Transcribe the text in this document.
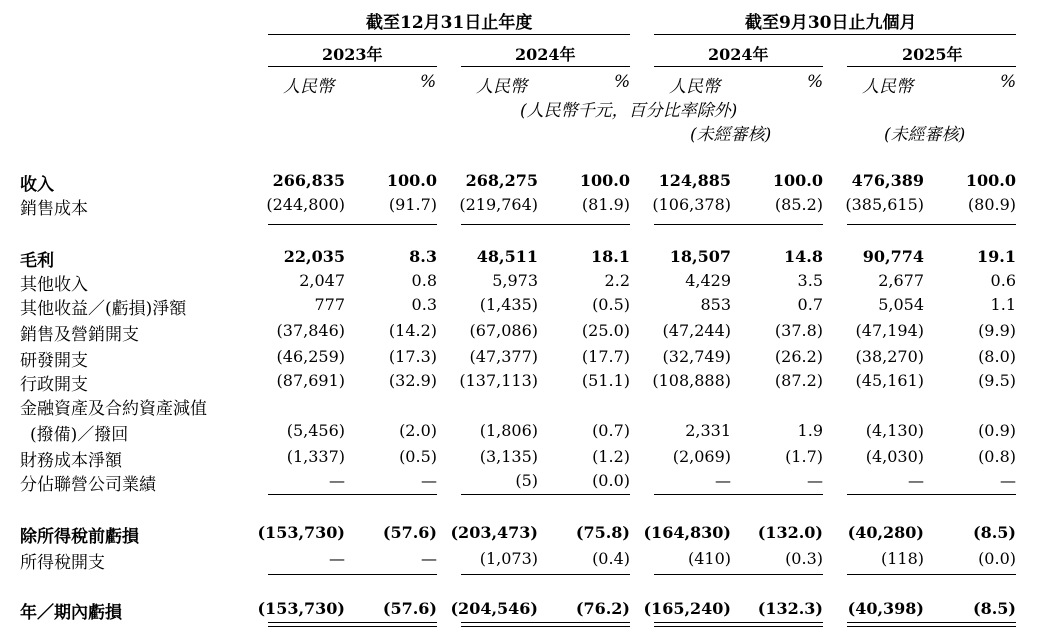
截至12月31日止年度	截至9月30日止九個月
2023年	2024年	2024年	2025年
人民幣	% 人民幣	% 人民幣	% 人民幣	%
(人民幣千元，百分比率除外)
(未經審核)	(未經審核)
收入	266,835	100.0 268,275	100.0 124,885	100.0 476,389	100.0
銷售成本	(244,800)	(91.7) (219,764)	(81.9) (106,378)	(85.2) (385,615)	(80.9)
毛利	22,035	8.3 48,511	18.1 18,507	14.8 90,774	19.1
其他收入	2,047	0.8	5,973	2.2	4,429	3.5	2,677	0.6
其他收益／(虧損)淨額	777	0.3	(1,435)	(0.5)	853	0.7	5,054	1.1
銷售及營銷開支	(37,846)	(14.2) (67,086)	(25.0) (47,244)	(37.8) (47,194)	(9.9)
研發開支	(46,259)	(17.3) (47,377)	(17.7) (32,749)	(26.2) (38,270)	(8.0)
行政開支	(87,691)	(32.9) (137,113)	(51.1) (108,888)	(87.2) (45,161)	(9.5)
金融資產及合約資產減值
(撥備)／撥回	(5,456)	(2.0)	(1,806)	(0.7)	2,331	1.9	(4,130)	(0.9)
財務成本淨額	(1,337)	(0.5)	(3,135)	(1.2)	(2,069)	(1.7)	(4,030)	(0.8)
分佔聯營公司業績	—	—	(5)	(0.0)	—	—	—	—
除所得稅前虧損	(153,730) (57.6) (203,473) (75.8) (164,830) (132.0) (40,280)	(8.5)
所得稅開支	—	—	(1,073)	(0.4)	(410)	(0.3)	(118)	(0.0)
年／期內虧損	(153,730) (57.6) (204,546) (76.2) (165,240) (132.3) (40,398)	(8.5)
